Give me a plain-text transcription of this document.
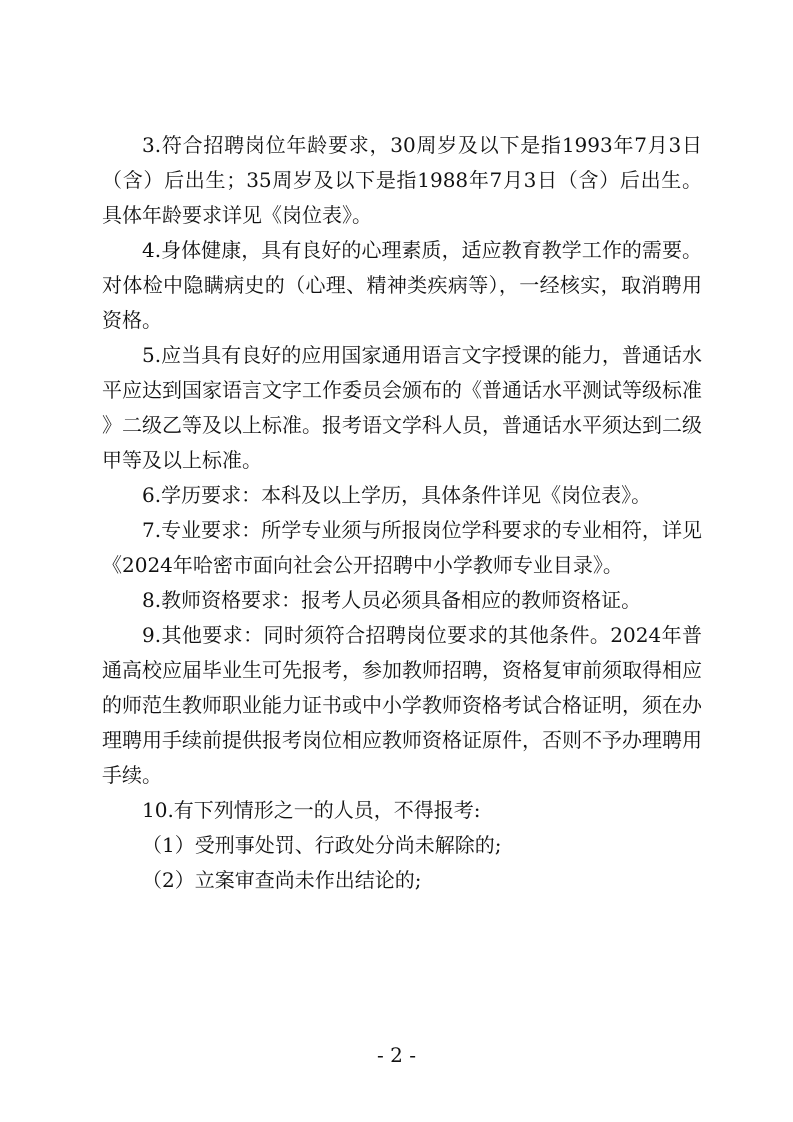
3.符合招聘岗位年龄要求，30周岁及以下是指1993年7月3日（含）后出生；35周岁及以下是指1988年7月3日（含）后出生。具体年龄要求详见《岗位表》。

4.身体健康，具有良好的心理素质，适应教育教学工作的需要。对体检中隐瞒病史的（心理、精神类疾病等），一经核实，取消聘用资格。

5.应当具有良好的应用国家通用语言文字授课的能力，普通话水平应达到国家语言文字工作委员会颁布的《普通话水平测试等级标准》二级乙等及以上标准。报考语文学科人员，普通话水平须达到二级甲等及以上标准。

6.学历要求：本科及以上学历，具体条件详见《岗位表》。

7.专业要求：所学专业须与所报岗位学科要求的专业相符，详见《2024年哈密市面向社会公开招聘中小学教师专业目录》。

8.教师资格要求：报考人员必须具备相应的教师资格证。

9.其他要求：同时须符合招聘岗位要求的其他条件。2024年普通高校应届毕业生可先报考，参加教师招聘，资格复审前须取得相应的师范生教师职业能力证书或中小学教师资格考试合格证明，须在办理聘用手续前提供报考岗位相应教师资格证原件，否则不予办理聘用手续。

10.有下列情形之一的人员，不得报考:

（1）受刑事处罚、行政处分尚未解除的;

（2）立案审查尚未作出结论的;

- 2 -
